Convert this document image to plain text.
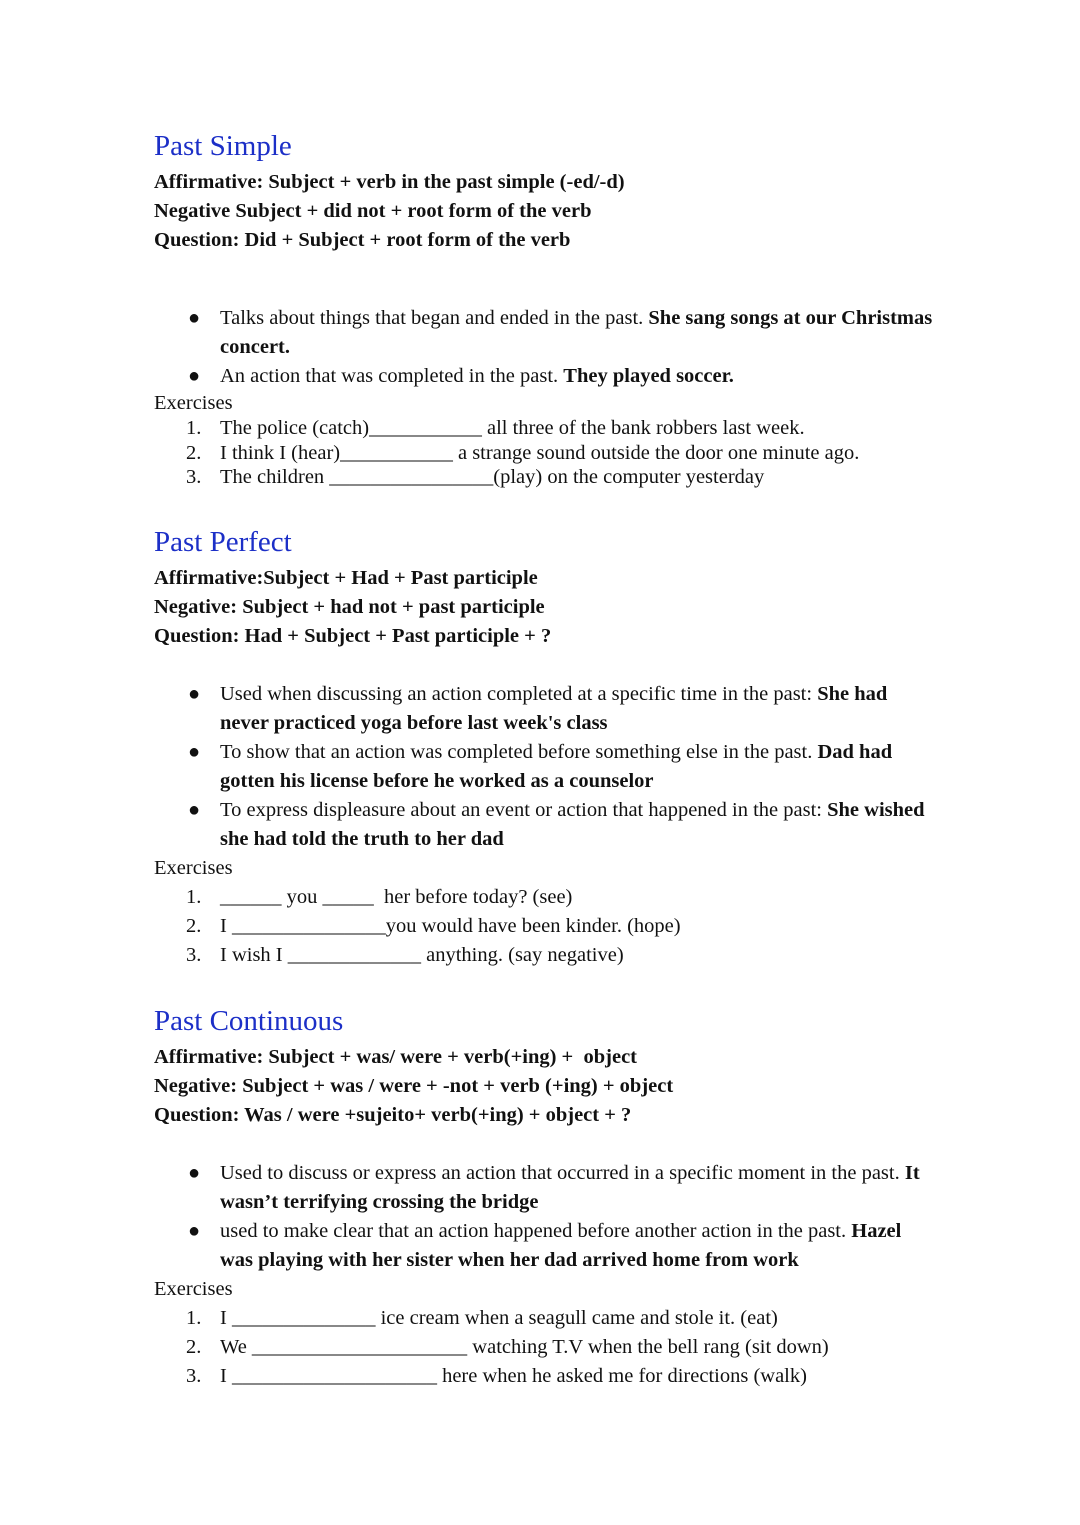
Past Simple
Affirmative: Subject + verb in the past simple (-ed/-d)
Negative Subject + did not + root form of the verb
Question: Did + Subject + root form of the verb
● Talks about things that began and ended in the past. She sang songs at our Christmas concert.
● An action that was completed in the past. They played soccer.
Exercises
1. The police (catch)___________ all three of the bank robbers last week.
2. I think I (hear)___________ a strange sound outside the door one minute ago.
3. The children ________________(play) on the computer yesterday
Past Perfect
Affirmative:Subject + Had + Past participle
Negative: Subject + had not + past participle
Question: Had + Subject + Past participle + ?
● Used when discussing an action completed at a specific time in the past: She had never practiced yoga before last week's class
● To show that an action was completed before something else in the past. Dad had gotten his license before he worked as a counselor
● To express displeasure about an event or action that happened in the past: She wished she had told the truth to her dad
Exercises
1. ______ you _____  her before today? (see)
2. I _______________you would have been kinder. (hope)
3. I wish I _____________ anything. (say negative)
Past Continuous
Affirmative: Subject + was/ were + verb(+ing) +  object
Negative: Subject + was / were + -not + verb (+ing) + object
Question: Was / were +sujeito+ verb(+ing) + object + ?
● Used to discuss or express an action that occurred in a specific moment in the past. It wasn’t terrifying crossing the bridge
● used to make clear that an action happened before another action in the past. Hazel was playing with her sister when her dad arrived home from work
Exercises
1. I ______________ ice cream when a seagull came and stole it. (eat)
2. We _____________________ watching T.V when the bell rang (sit down)
3. I ____________________ here when he asked me for directions (walk)
